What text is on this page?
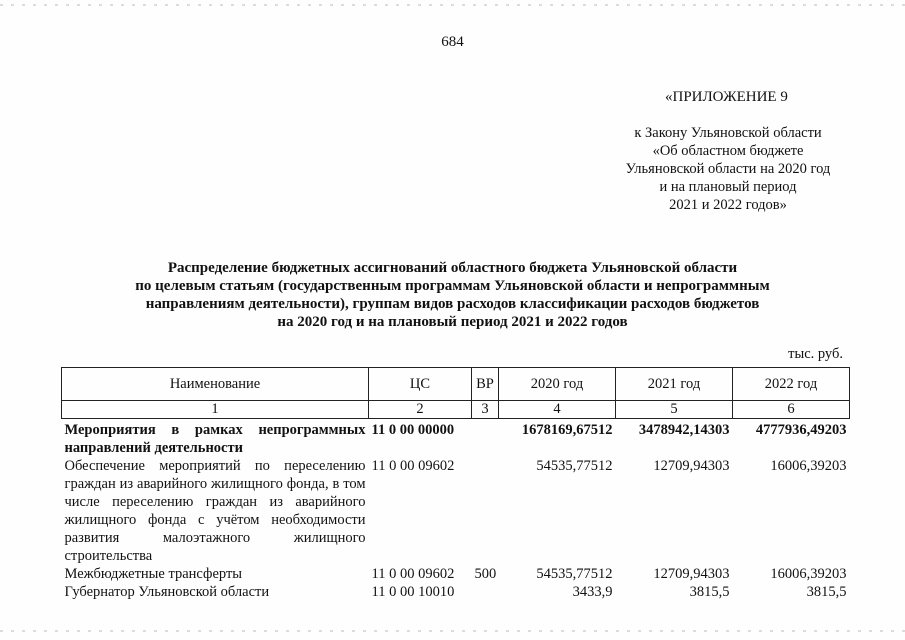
684
«ПРИЛОЖЕНИЕ 9
к Закону Ульяновской области
«Об областном бюджете
Ульяновской области на 2020 год
и на плановый период
2021 и 2022 годов»
Распределение бюджетных ассигнований областного бюджета Ульяновской области
по целевым статьям (государственным программам Ульяновской области и непрограммным
направлениям деятельности), группам видов расходов классификации расходов бюджетов
на 2020 год и на плановый период 2021 и 2022 годов
тыс. руб.
Наименование	ЦС	ВР	2020 год	2021 год	2022 год
1	2	3	4	5	6
Мероприятия в рамках непрограммных направлений деятельности	11 0 00 00000		1678169,67512	3478942,14303	4777936,49203
Обеспечение мероприятий по переселению граждан из аварийного жилищного фонда, в том числе переселению граждан из аварийного жилищного фонда с учётом необходимости развития малоэтажного жилищного строительства	11 0 00 09602		54535,77512	12709,94303	16006,39203
Межбюджетные трансферты	11 0 00 09602	500	54535,77512	12709,94303	16006,39203
Губернатор Ульяновской области	11 0 00 10010		3433,9	3815,5	3815,5
